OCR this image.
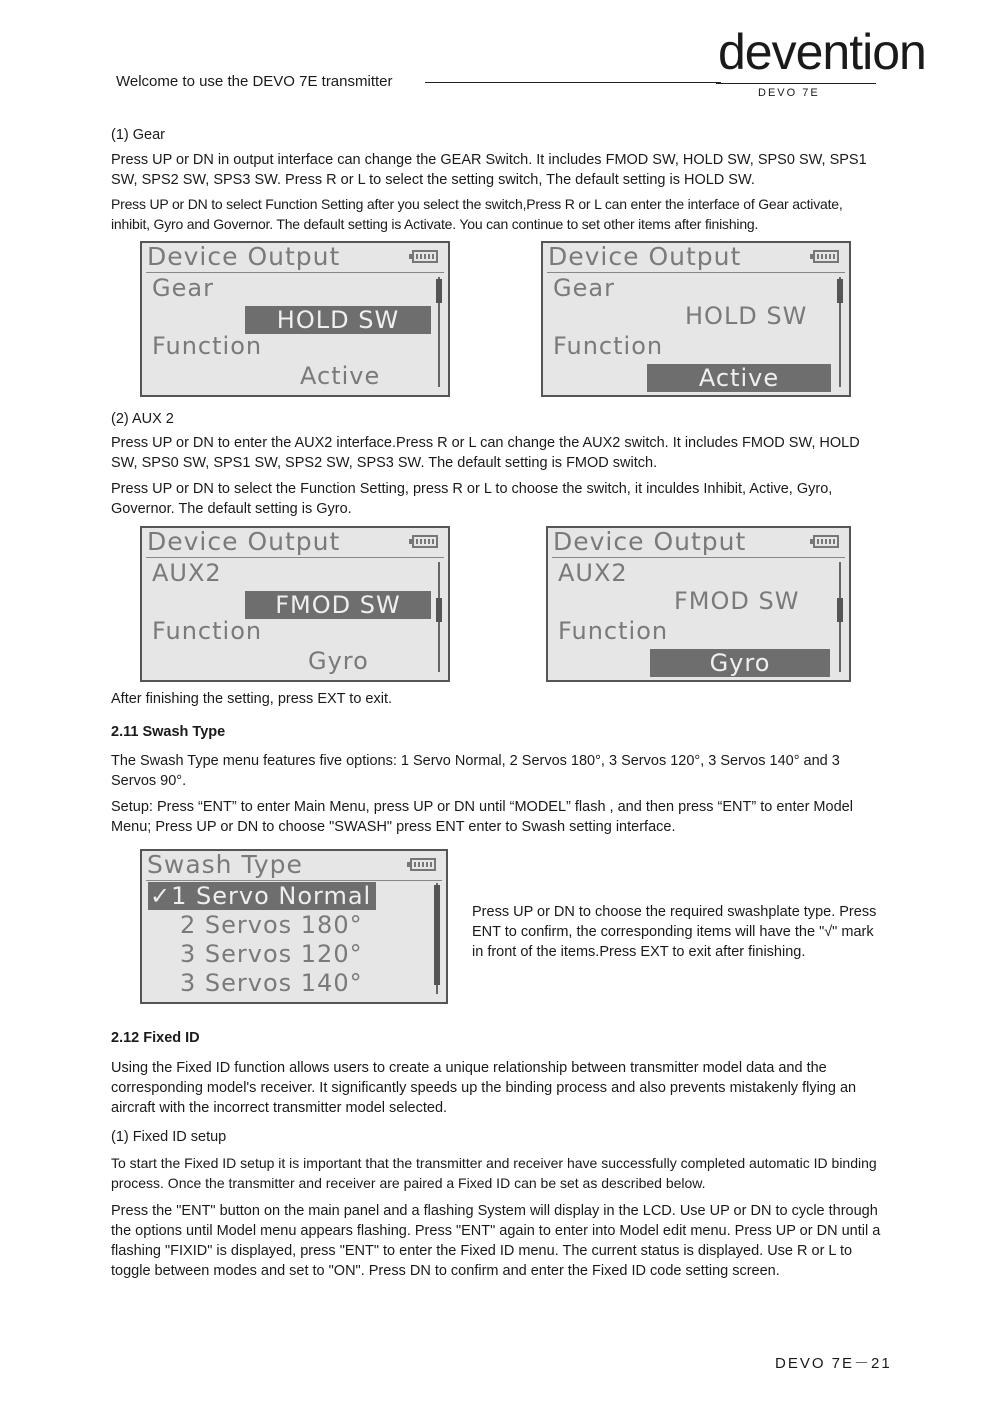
Welcome to use the DEVO 7E transmitter
devention
DEVO 7E
(1) Gear
Press UP or DN in output interface can change the GEAR Switch. It includes FMOD SW, HOLD SW, SPS0 SW, SPS1 SW, SPS2 SW, SPS3 SW. Press R or L to select the setting switch, The default setting is HOLD SW.
Press UP or DN to select Function Setting after you select the switch,Press R or L can enter the interface of Gear activate, inhibit, Gyro and Governor. The default setting is Activate. You can continue to set other items after finishing.
Device Output
Gear
HOLD SW
Function
Active
Device Output
Gear
HOLD SW
Function
Active
(2) AUX 2
Press UP or DN to enter the AUX2 interface.Press R or L can change the AUX2 switch. It includes FMOD SW, HOLD SW, SPS0 SW, SPS1 SW, SPS2 SW, SPS3 SW. The default setting is FMOD switch.
Press UP or DN to select the Function Setting, press R or L to choose the switch, it inculdes Inhibit, Active, Gyro, Governor. The default setting is Gyro.
Device Output
AUX2
FMOD SW
Function
Gyro
Device Output
AUX2
FMOD SW
Function
Gyro
After finishing the setting, press EXT to exit.
2.11 Swash Type
The Swash Type menu features five options: 1 Servo Normal, 2 Servos 180°, 3 Servos 120°, 3 Servos 140° and 3 Servos 90°.
Setup: Press “ENT” to enter Main Menu, press UP or DN until “MODEL” flash , and then press “ENT” to enter Model Menu; Press UP or DN to choose "SWASH" press ENT enter to Swash setting interface.
Swash Type
✓1 Servo Normal
2 Servos 180°
3 Servos 120°
3 Servos 140°
Press UP or DN to choose the required swashplate type. Press ENT to confirm, the corresponding items will have the "√" mark in front of the items.Press EXT to exit after finishing.
2.12 Fixed ID
Using the Fixed ID function allows users to create a unique relationship between transmitter model data and the corresponding model's receiver. It significantly speeds up the binding process and also prevents mistakenly flying an aircraft with the incorrect transmitter model selected.
(1) Fixed ID setup
To start the Fixed ID setup it is important that the transmitter and receiver have successfully completed automatic ID binding process. Once the transmitter and receiver are paired a Fixed ID can be set as described below.
Press the "ENT" button on the main panel and a flashing System will display in the LCD. Use UP or DN to cycle through the options until Model menu appears flashing. Press "ENT" again to enter into Model edit menu. Press UP or DN until a flashing "FIXID" is displayed, press "ENT" to enter the Fixed ID menu. The current status is displayed. Use R or L to toggle between modes and set to "ON". Press DN to confirm and enter the Fixed ID code setting screen.
DEVO 7E－21
